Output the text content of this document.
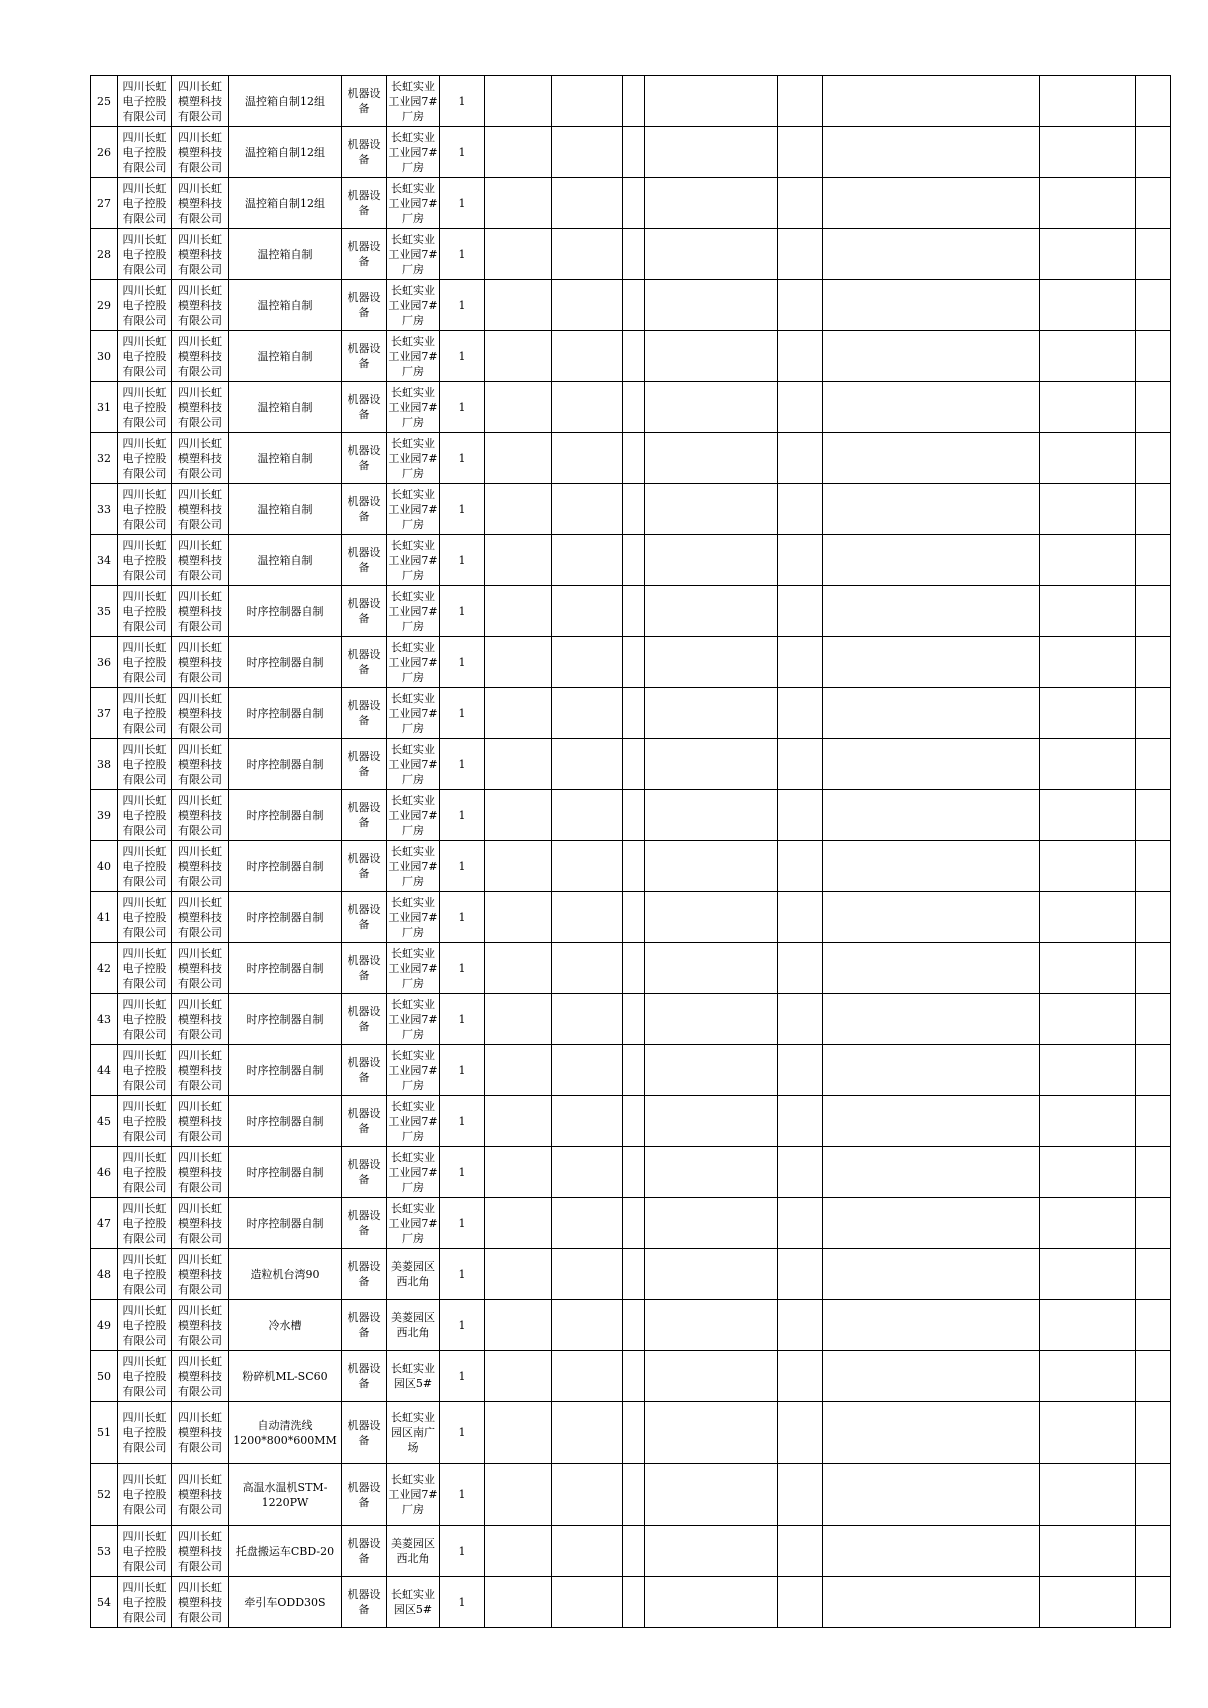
25	四川长虹电子控股有限公司	四川长虹模塑科技有限公司	温控箱自制12组	机器设备	长虹实业工业园7#厂房	1								
26	四川长虹电子控股有限公司	四川长虹模塑科技有限公司	温控箱自制12组	机器设备	长虹实业工业园7#厂房	1								
27	四川长虹电子控股有限公司	四川长虹模塑科技有限公司	温控箱自制12组	机器设备	长虹实业工业园7#厂房	1								
28	四川长虹电子控股有限公司	四川长虹模塑科技有限公司	温控箱自制	机器设备	长虹实业工业园7#厂房	1								
29	四川长虹电子控股有限公司	四川长虹模塑科技有限公司	温控箱自制	机器设备	长虹实业工业园7#厂房	1								
30	四川长虹电子控股有限公司	四川长虹模塑科技有限公司	温控箱自制	机器设备	长虹实业工业园7#厂房	1								
31	四川长虹电子控股有限公司	四川长虹模塑科技有限公司	温控箱自制	机器设备	长虹实业工业园7#厂房	1								
32	四川长虹电子控股有限公司	四川长虹模塑科技有限公司	温控箱自制	机器设备	长虹实业工业园7#厂房	1								
33	四川长虹电子控股有限公司	四川长虹模塑科技有限公司	温控箱自制	机器设备	长虹实业工业园7#厂房	1								
34	四川长虹电子控股有限公司	四川长虹模塑科技有限公司	温控箱自制	机器设备	长虹实业工业园7#厂房	1								
35	四川长虹电子控股有限公司	四川长虹模塑科技有限公司	时序控制器自制	机器设备	长虹实业工业园7#厂房	1								
36	四川长虹电子控股有限公司	四川长虹模塑科技有限公司	时序控制器自制	机器设备	长虹实业工业园7#厂房	1								
37	四川长虹电子控股有限公司	四川长虹模塑科技有限公司	时序控制器自制	机器设备	长虹实业工业园7#厂房	1								
38	四川长虹电子控股有限公司	四川长虹模塑科技有限公司	时序控制器自制	机器设备	长虹实业工业园7#厂房	1								
39	四川长虹电子控股有限公司	四川长虹模塑科技有限公司	时序控制器自制	机器设备	长虹实业工业园7#厂房	1								
40	四川长虹电子控股有限公司	四川长虹模塑科技有限公司	时序控制器自制	机器设备	长虹实业工业园7#厂房	1								
41	四川长虹电子控股有限公司	四川长虹模塑科技有限公司	时序控制器自制	机器设备	长虹实业工业园7#厂房	1								
42	四川长虹电子控股有限公司	四川长虹模塑科技有限公司	时序控制器自制	机器设备	长虹实业工业园7#厂房	1								
43	四川长虹电子控股有限公司	四川长虹模塑科技有限公司	时序控制器自制	机器设备	长虹实业工业园7#厂房	1								
44	四川长虹电子控股有限公司	四川长虹模塑科技有限公司	时序控制器自制	机器设备	长虹实业工业园7#厂房	1								
45	四川长虹电子控股有限公司	四川长虹模塑科技有限公司	时序控制器自制	机器设备	长虹实业工业园7#厂房	1								
46	四川长虹电子控股有限公司	四川长虹模塑科技有限公司	时序控制器自制	机器设备	长虹实业工业园7#厂房	1								
47	四川长虹电子控股有限公司	四川长虹模塑科技有限公司	时序控制器自制	机器设备	长虹实业工业园7#厂房	1								
48	四川长虹电子控股有限公司	四川长虹模塑科技有限公司	造粒机台湾90	机器设备	美菱园区西北角	1								
49	四川长虹电子控股有限公司	四川长虹模塑科技有限公司	冷水槽	机器设备	美菱园区西北角	1								
50	四川长虹电子控股有限公司	四川长虹模塑科技有限公司	粉碎机ML-SC60	机器设备	长虹实业园区5#	1								
51	四川长虹电子控股有限公司	四川长虹模塑科技有限公司	自动清洗线1200*800*600MM	机器设备	长虹实业园区南广场	1								
52	四川长虹电子控股有限公司	四川长虹模塑科技有限公司	高温水温机STM-1220PW	机器设备	长虹实业工业园7#厂房	1								
53	四川长虹电子控股有限公司	四川长虹模塑科技有限公司	托盘搬运车CBD-20	机器设备	美菱园区西北角	1								
54	四川长虹电子控股有限公司	四川长虹模塑科技有限公司	牵引车ODD30S	机器设备	长虹实业园区5#	1								
